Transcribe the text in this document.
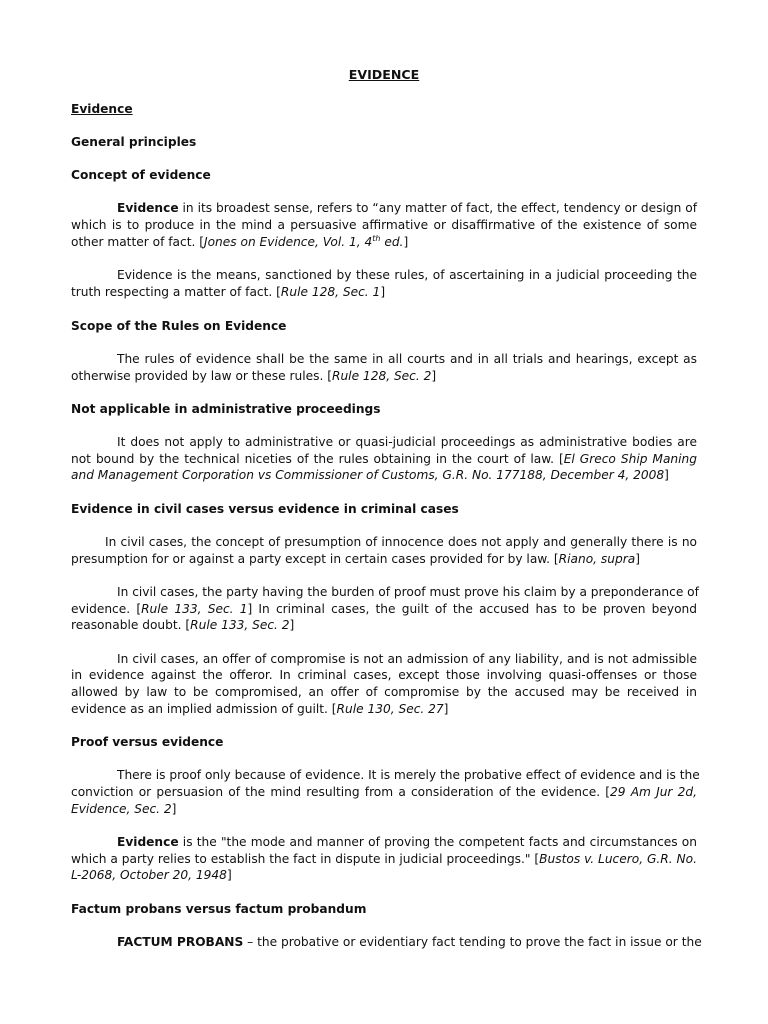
EVIDENCE
Evidence
General principles
Concept of evidence
Evidence in its broadest sense, refers to “any matter of fact, the effect, tendency or design of
which is to produce in the mind a persuasive affirmative or disaffirmative of the existence of some
other matter of fact. [Jones on Evidence, Vol. 1, 4th ed.]
Evidence is the means, sanctioned by these rules, of ascertaining in a judicial proceeding the
truth respecting a matter of fact. [Rule 128, Sec. 1]
Scope of the Rules on Evidence
The rules of evidence shall be the same in all courts and in all trials and hearings, except as
otherwise provided by law or these rules. [Rule 128, Sec. 2]
Not applicable in administrative proceedings
It does not apply to administrative or quasi-judicial proceedings as administrative bodies are
not bound by the technical niceties of the rules obtaining in the court of law. [El Greco Ship Maning
and Management Corporation vs Commissioner of Customs, G.R. No. 177188, December 4, 2008]
Evidence in civil cases versus evidence in criminal cases
In civil cases, the concept of presumption of innocence does not apply and generally there is no
presumption for or against a party except in certain cases provided for by law. [Riano, supra]
In civil cases, the party having the burden of proof must prove his claim by a preponderance of
evidence. [Rule 133, Sec. 1] In criminal cases, the guilt of the accused has to be proven beyond
reasonable doubt. [Rule 133, Sec. 2]
In civil cases, an offer of compromise is not an admission of any liability, and is not admissible
in evidence against the offeror. In criminal cases, except those involving quasi-offenses or those
allowed by law to be compromised, an offer of compromise by the accused may be received in
evidence as an implied admission of guilt. [Rule 130, Sec. 27]
Proof versus evidence
There is proof only because of evidence. It is merely the probative effect of evidence and is the
conviction or persuasion of the mind resulting from a consideration of the evidence. [29 Am Jur 2d,
Evidence, Sec. 2]
Evidence is the "the mode and manner of proving the competent facts and circumstances on
which a party relies to establish the fact in dispute in judicial proceedings." [Bustos v. Lucero, G.R. No.
L-2068, October 20, 1948]
Factum probans versus factum probandum
FACTUM PROBANS – the probative or evidentiary fact tending to prove the fact in issue or the
